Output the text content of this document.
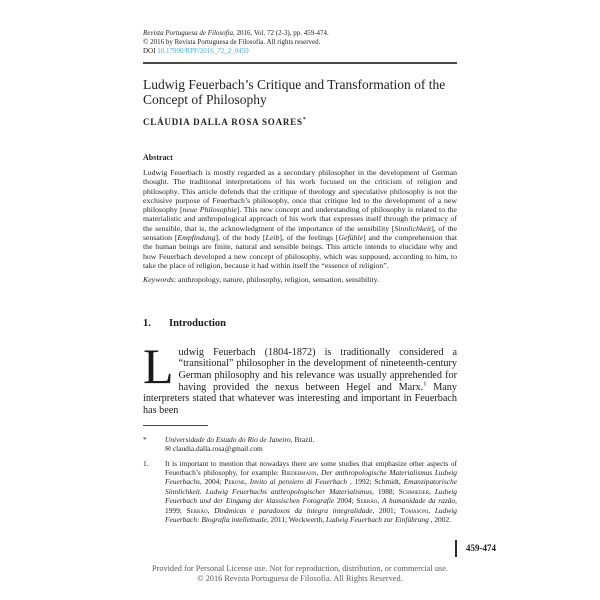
Revista Portuguesa de Filosofia, 2016, Vol. 72 (2-3), pp. 459-474.
© 2016 by Revista Portuguesa de Filosofia. All rights reserved.
DOI 10.17990/RPF/2016_72_2_0459
Ludwig Feuerbach’s Critique and Transformation of the Concept of Philosophy
CLÁUDIA DALLA ROSA SOARES*
Abstract

Ludwig Feuerbach is mostly regarded as a secondary philosopher in the development of German thought. The traditional interpretations of his work focused on the criticism of religion and philosophy. This article defends that the critique of theology and speculative philosophy is not the exclusive purpose of Feuerbach’s philosophy, once that critique led to the development of a new philosophy [neue Philosophie]. This new concept and understanding of philosophy is related to the materialistic and anthropological approach of his work that expresses itself through the primacy of the sensible, that is, the acknowledgment of the importance of the sensibility [Sinnlichkeit], of the sensation [Empfindung], of the body [Leib], of the feelings [Gefühle] and the comprehension that the human beings are finite, natural and sensible beings. This article intends to elucidate why and how Feuerbach developed a new concept of philosophy, which was supposed, according to him, to take the place of religion, because it had within itself the “essence of religion”.

Keywords: anthropology, nature, philosophy, religion, sensation, sensibility.

1. Introduction

Ludwig Feuerbach (1804-1872) is traditionally considered a “transitional” philosopher in the development of nineteenth-century German philosophy and his relevance was usually apprehended for having provided the nexus between Hegel and Marx.$^1$ Many interpreters stated that whatever was interesting and important in Feuerbach has been

*	Universidade do Estado do Rio de Janeiro, Brazil.
✉ claudia.dalla.rosa@gmail.com
1.	It is important to mention that nowadays there are some studies that emphasize other aspects of Feuerbach’s philosophy, for example: Biedermann, Der anthropologische Materialismus Ludwig Feuerbachs, 2004; Perone, Invito al pensiero di Feuerbach , 1992; Schmidt, Emanzipatorische Sinnlichkeit. Ludwig Feuerbachs anthropologischer Materialismus, 1988; Schmieder, Ludwig Feuerbach und der Eingang der klassischen Fotografie 2004; Serrão, A humanidade da razão, 1999; Serrão, Dinâmicas e paradoxos da íntegra integralidade, 2001; Tomasoni, Ludwig Feuerbach: Biografia intellettuale, 2011; Weckwerth, Ludwig Feuerbach zur Einführung , 2002.
459-474
Provided for Personal License use. Not for reproduction, distribution, or commercial use.
© 2016 Revista Portuguesa de Filosofia. All Rights Reserved.
